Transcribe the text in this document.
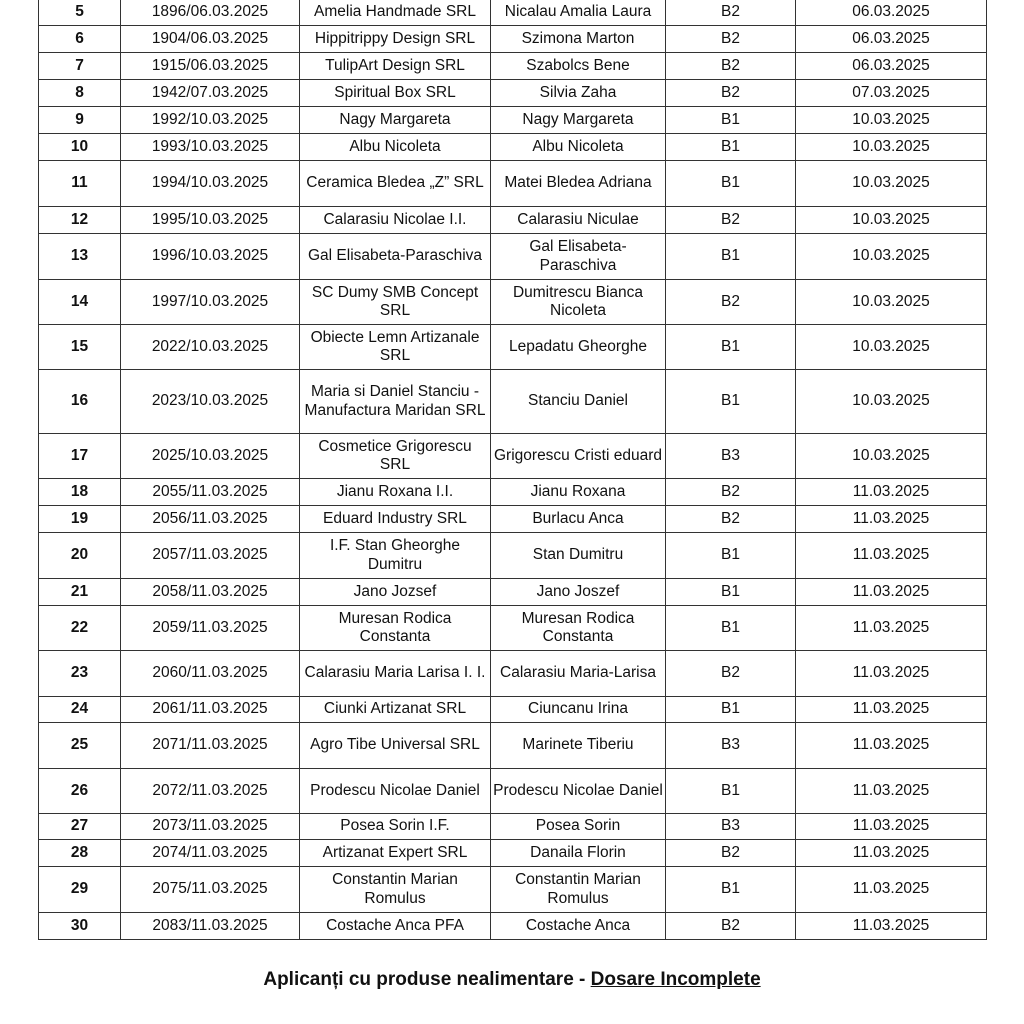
5	1896/06.03.2025	Amelia Handmade SRL	Nicalau Amalia Laura	B2	06.03.2025
6	1904/06.03.2025	Hippitrippy Design SRL	Szimona Marton	B2	06.03.2025
7	1915/06.03.2025	TulipArt Design SRL	Szabolcs Bene	B2	06.03.2025
8	1942/07.03.2025	Spiritual Box SRL	Silvia Zaha	B2	07.03.2025
9	1992/10.03.2025	Nagy Margareta	Nagy Margareta	B1	10.03.2025
10	1993/10.03.2025	Albu Nicoleta	Albu Nicoleta	B1	10.03.2025
11	1994/10.03.2025	Ceramica Bledea „Z” SRL	Matei Bledea Adriana	B1	10.03.2025
12	1995/10.03.2025	Calarasiu Nicolae I.I.	Calarasiu Niculae	B2	10.03.2025
13	1996/10.03.2025	Gal Elisabeta-Paraschiva	Gal Elisabeta-Paraschiva	B1	10.03.2025
14	1997/10.03.2025	SC Dumy SMB Concept SRL	Dumitrescu Bianca Nicoleta	B2	10.03.2025
15	2022/10.03.2025	Obiecte Lemn Artizanale SRL	Lepadatu Gheorghe	B1	10.03.2025
16	2023/10.03.2025	Maria si Daniel Stanciu - Manufactura Maridan SRL	Stanciu Daniel	B1	10.03.2025
17	2025/10.03.2025	Cosmetice Grigorescu SRL	Grigorescu Cristi eduard	B3	10.03.2025
18	2055/11.03.2025	Jianu Roxana I.I.	Jianu Roxana	B2	11.03.2025
19	2056/11.03.2025	Eduard Industry SRL	Burlacu Anca	B2	11.03.2025
20	2057/11.03.2025	I.F. Stan Gheorghe Dumitru	Stan Dumitru	B1	11.03.2025
21	2058/11.03.2025	Jano Jozsef	Jano Joszef	B1	11.03.2025
22	2059/11.03.2025	Muresan Rodica Constanta	Muresan Rodica Constanta	B1	11.03.2025
23	2060/11.03.2025	Calarasiu Maria Larisa I. I.	Calarasiu Maria-Larisa	B2	11.03.2025
24	2061/11.03.2025	Ciunki Artizanat SRL	Ciuncanu Irina	B1	11.03.2025
25	2071/11.03.2025	Agro Tibe Universal SRL	Marinete Tiberiu	B3	11.03.2025
26	2072/11.03.2025	Prodescu Nicolae Daniel	Prodescu Nicolae Daniel	B1	11.03.2025
27	2073/11.03.2025	Posea Sorin I.F.	Posea Sorin	B3	11.03.2025
28	2074/11.03.2025	Artizanat Expert SRL	Danaila Florin	B2	11.03.2025
29	2075/11.03.2025	Constantin Marian Romulus	Constantin Marian Romulus	B1	11.03.2025
30	2083/11.03.2025	Costache Anca PFA	Costache Anca	B2	11.03.2025
Aplicanți cu produse nealimentare - Dosare Incomplete
